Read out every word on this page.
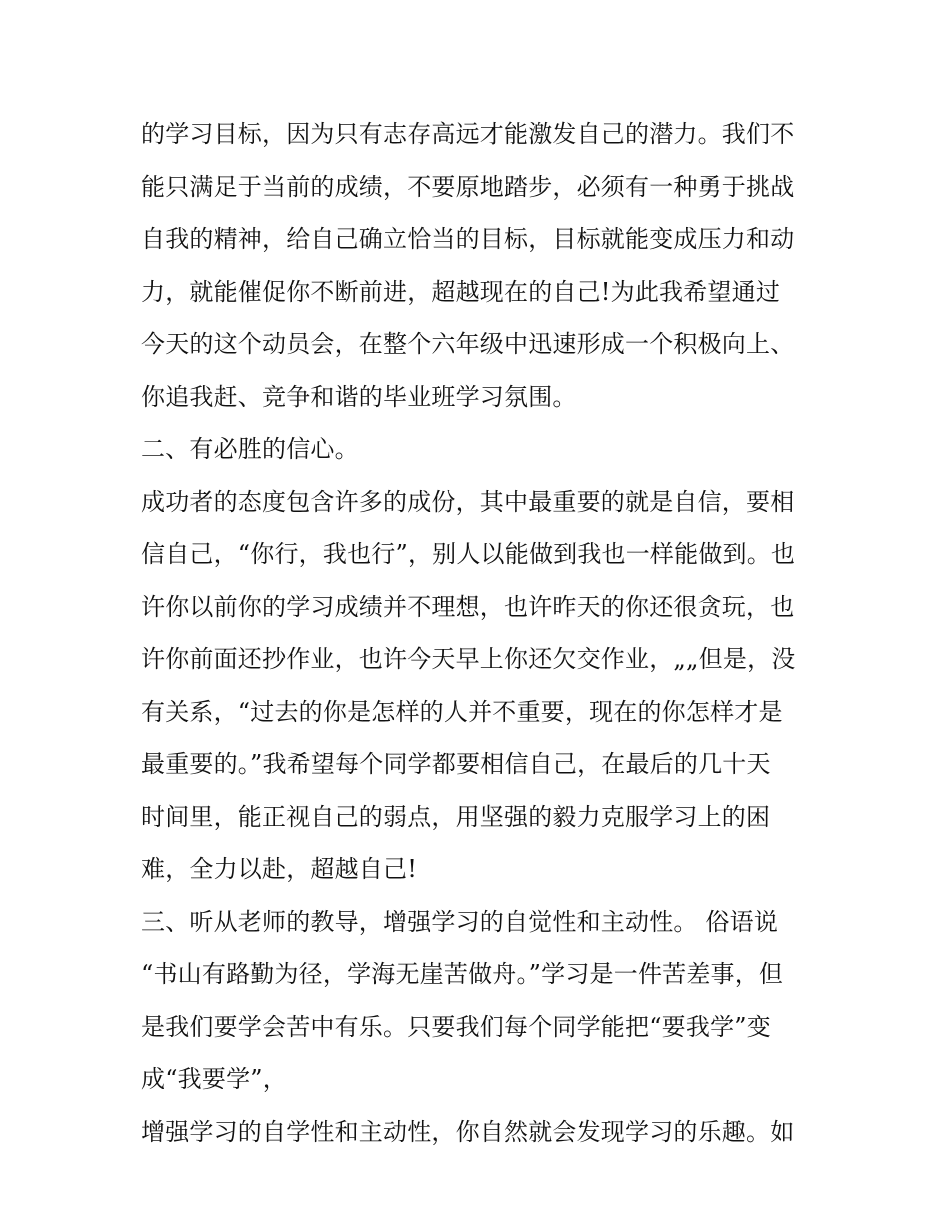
的学习目标，因为只有志存高远才能激发自己的潜力。我们不
能只满足于当前的成绩，不要原地踏步，必须有一种勇于挑战
自我的精神，给自己确立恰当的目标，目标就能变成压力和动
力，就能催促你不断前进，超越现在的自己!为此我希望通过
今天的这个动员会，在整个六年级中迅速形成一个积极向上、
你追我赶、竞争和谐的毕业班学习氛围。
二、有必胜的信心。
成功者的态度包含许多的成份，其中最重要的就是自信，要相
信自己，“你行，我也行”，别人以能做到我也一样能做到。也
许你以前你的学习成绩并不理想，也许昨天的你还很贪玩，也
许你前面还抄作业，也许今天早上你还欠交作业，„„但是，没
有关系，“过去的你是怎样的人并不重要，现在的你怎样才是
最重要的。”我希望每个同学都要相信自己，在最后的几十天
时间里，能正视自己的弱点，用坚强的毅力克服学习上的困
难，全力以赴，超越自己!
三、听从老师的教导，增强学习的自觉性和主动性。 俗语说
“书山有路勤为径，学海无崖苦做舟。”学习是一件苦差事，但
是我们要学会苦中有乐。只要我们每个同学能把“要我学”变
成“我要学”，
增强学习的自学性和主动性，你自然就会发现学习的乐趣。如
